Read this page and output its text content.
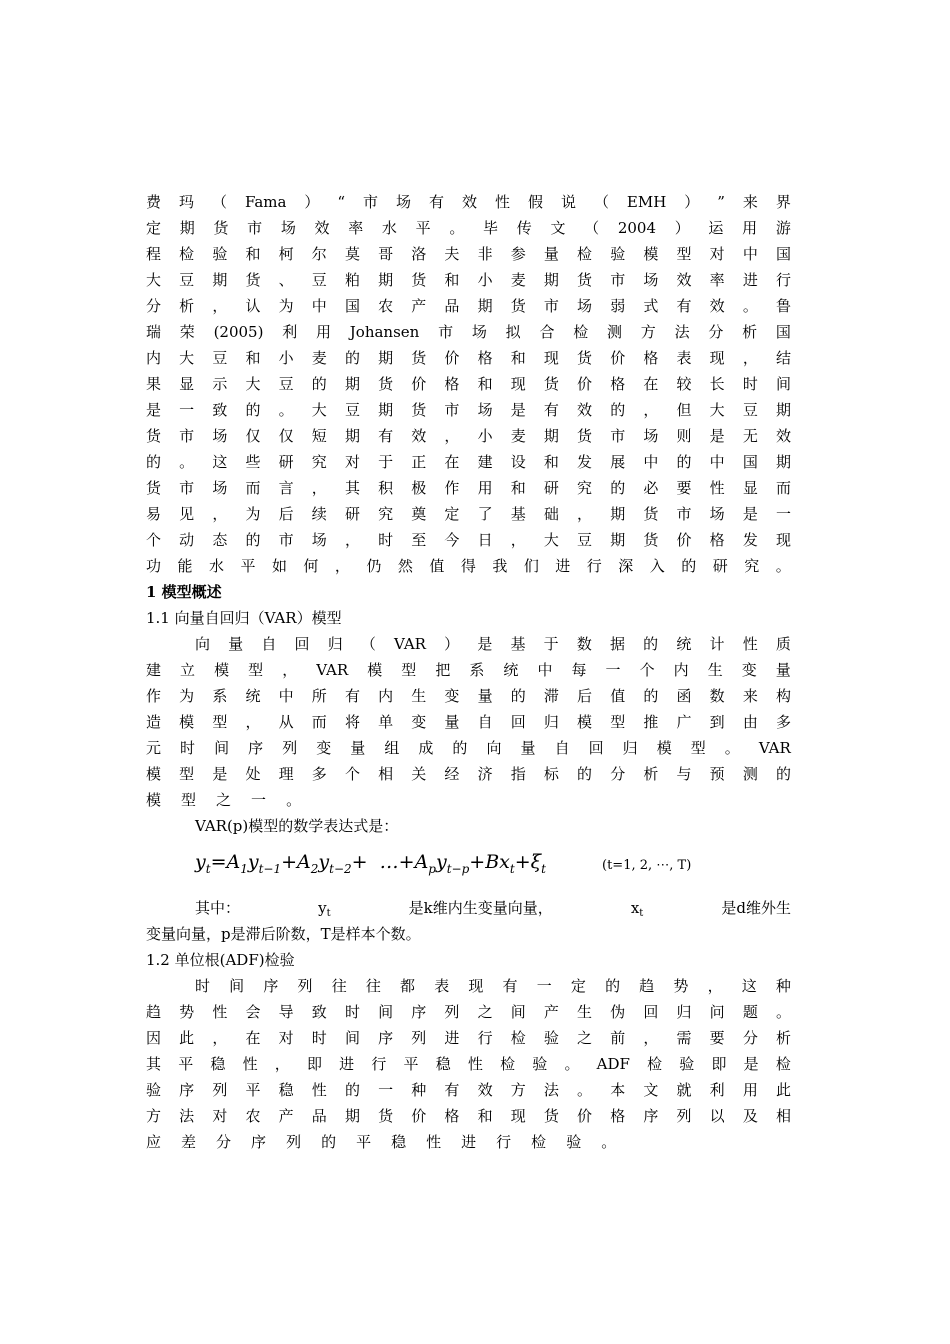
费 玛 （ Fama ） “ 市 场 有 效 性 假 说 （ EMH ） ” 来 界
定 期 货 市 场 效 率 水 平 。 毕 传 文 （ 2004 ） 运 用 游
程 检 验 和 柯 尔 莫 哥 洛 夫 非 参 量 检 验 模 型 对 中 国
大 豆 期 货 、 豆 粕 期 货 和 小 麦 期 货 市 场 效 率 进 行
分 析 ， 认 为 中 国 农 产 品 期 货 市 场 弱 式 有 效 。 鲁
瑞 荣 (2005) 利 用 Johansen 市 场 拟 合 检 测 方 法 分 析 国
内 大 豆 和 小 麦 的 期 货 价 格 和 现 货 价 格 表 现 ， 结
果 显 示 大 豆 的 期 货 价 格 和 现 货 价 格 在 较 长 时 间
是 一 致 的 。 大 豆 期 货 市 场 是 有 效 的 ， 但 大 豆 期
货 市 场 仅 仅 短 期 有 效 ， 小 麦 期 货 市 场 则 是 无 效
的 。 这 些 研 究 对 于 正 在 建 设 和 发 展 中 的 中 国 期
货 市 场 而 言 ， 其 积 极 作 用 和 研 究 的 必 要 性 显 而
易 见 ， 为 后 续 研 究 奠 定 了 基 础 ， 期 货 市 场 是 一
个 动 态 的 市 场 ， 时 至 今 日 ， 大 豆 期 货 价 格 发 现
功 能 水 平 如 何 ， 仍 然 值 得 我 们 进 行 深 入 的 研 究 。
1 模型概述
1.1 向量自回归（VAR）模型
向 量 自 回 归 （ VAR ） 是 基 于 数 据 的 统 计 性 质
建 立 模 型 ， VAR 模 型 把 系 统 中 每 一 个 内 生 变 量
作 为 系 统 中 所 有 内 生 变 量 的 滞 后 值 的 函 数 来 构
造 模 型 ， 从 而 将 单 变 量 自 回 归 模 型 推 广 到 由 多
元 时 间 序 列 变 量 组 成 的 向 量 自 回 归 模 型 。 VAR
模 型 是 处 理 多 个 相 关 经 济 指 标 的 分 析 与 预 测 的
模 型 之 一 。
VAR(p)模型的数学表达式是：
$y_t=A_1y_{t-1}+A_2y_{t-2}+$  $\dots+A_py_{t-p}+Bx_t+\xi_t$	(t=1, 2, ⋯, T)
其中：	$y_t$	是k维内生变量向量，	$x_t$	是d维外生
变量向量，p是滞后阶数，T是样本个数。
1.2 单位根(ADF)检验
时 间 序 列 往 往 都 表 现 有 一 定 的 趋 势 ， 这 种
趋 势 性 会 导 致 时 间 序 列 之 间 产 生 伪 回 归 问 题 。
因 此 ， 在 对 时 间 序 列 进 行 检 验 之 前 ， 需 要 分 析
其 平 稳 性 ， 即 进 行 平 稳 性 检 验 。 ADF 检 验 即 是 检
验 序 列 平 稳 性 的 一 种 有 效 方 法 。 本 文 就 利 用 此
方 法 对 农 产 品 期 货 价 格 和 现 货 价 格 序 列 以 及 相
应 差 分 序 列 的 平 稳 性 进 行 检 验 。
